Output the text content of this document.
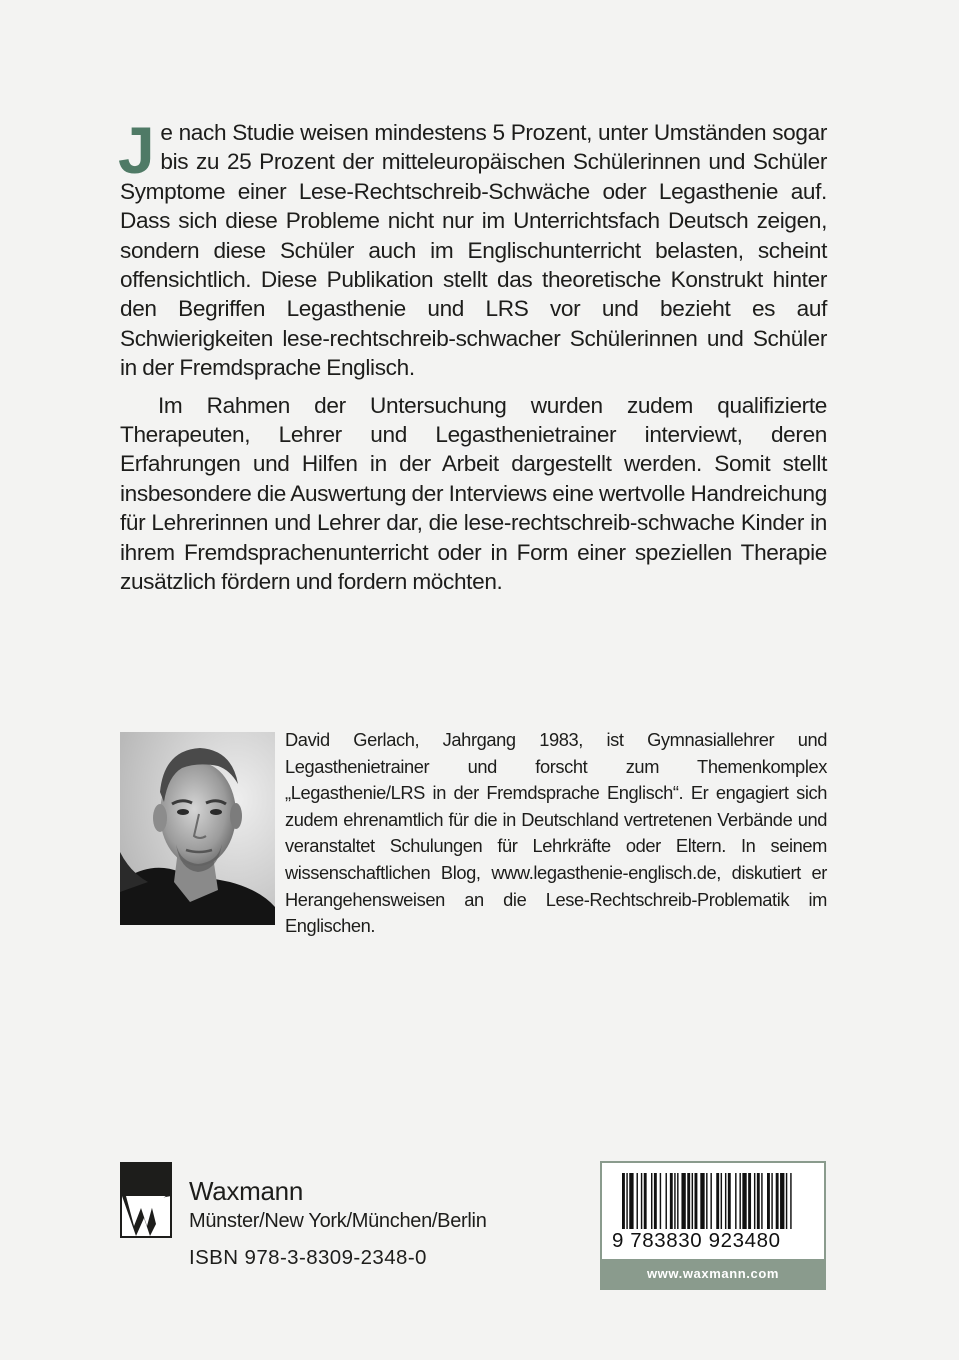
Je nach Studie weisen mindestens 5 Prozent, unter Umständen sogar bis zu 25 Prozent der mitteleuropäischen Schülerinnen und Schüler Symptome einer Lese-Rechtschreib-Schwäche oder Legasthenie auf. Dass sich diese Probleme nicht nur im Unterrichtsfach Deutsch zeigen, sondern diese Schüler auch im Englischunterricht belasten, scheint offensichtlich. Diese Publikation stellt das theoretische Konstrukt hinter den Begriffen Legasthenie und LRS vor und bezieht es auf Schwierigkeiten lese-rechtschreib-schwacher Schülerinnen und Schüler in der Fremdsprache Englisch.

Im Rahmen der Untersuchung wurden zudem qualifizierte Therapeuten, Lehrer und Legasthenietrainer interviewt, deren Erfahrungen und Hilfen in der Arbeit dargestellt werden. Somit stellt insbesondere die Auswertung der Interviews eine wertvolle Handreichung für Lehrerinnen und Lehrer dar, die lese-rechtschreib-schwache Kinder in ihrem Fremdsprachenunterricht oder in Form einer speziellen Therapie zusätzlich fördern und fordern möchten.

David Gerlach, Jahrgang 1983, ist Gymnasiallehrer und Legasthenietrainer und forscht zum Themenkomplex „Legasthenie/LRS in der Fremdsprache Englisch“. Er engagiert sich zudem ehrenamtlich für die in Deutschland vertretenen Verbände und veranstaltet Schulungen für Lehrkräfte oder Eltern. In seinem wissenschaftlichen Blog, www.legasthenie-englisch.de, diskutiert er Herangehensweisen an die Lese-Rechtschreib-Problematik im Englischen.

Waxmann
Münster/New York/München/Berlin
ISBN 978-3-8309-2348-0
9 783830 923480
www.waxmann.com
